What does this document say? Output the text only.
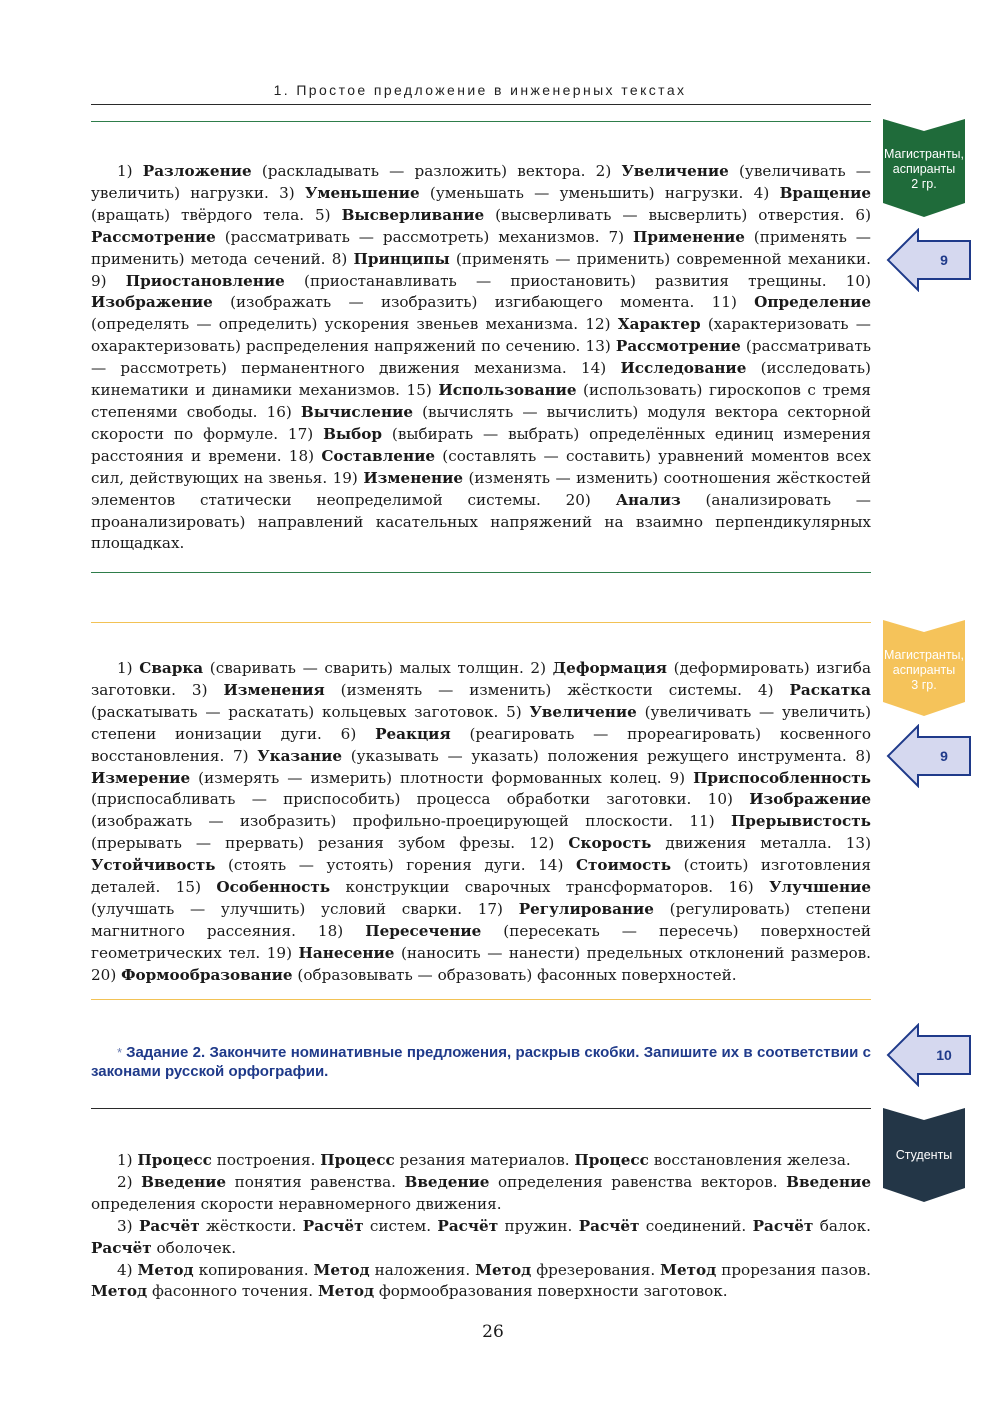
1. Простое предложение в инженерных текстах

1) Разложение (раскладывать — разложить) вектора. 2) Увеличение (увеличивать — увеличить) нагрузки. 3) Уменьшение (уменьшать — уменьшить) нагрузки. 4) Вращение (вращать) твёрдого тела. 5) Высверливание (высверливать — высверлить) отверстия. 6) Рассмотрение (рассматривать — рассмотреть) механизмов. 7) Применение (применять — применить) метода сечений. 8) Принципы (применять — применить) современной механики. 9) Приостановление (приостанавливать — приостановить) развития трещины. 10) Изображение (изображать — изобразить) изгибающего момента. 11) Определение (определять — определить) ускорения звеньев механизма. 12) Характер (характеризовать — охарактеризовать) распределения напряжений по сечению. 13) Рассмотрение (рассматривать — рассмотреть) перманентного движения механизма. 14) Исследование (исследовать) кинематики и динамики механизмов. 15) Использование (использовать) гироскопов с тремя степенями свободы. 16) Вычисление (вычислять — вычислить) модуля вектора секторной скорости по формуле. 17) Выбор (выбирать — выбрать) определённых единиц измерения расстояния и времени. 18) Составление (составлять — составить) уравнений моментов всех сил, действующих на звенья. 19) Изменение (изменять — изменить) соотношения жёсткостей элементов статически неопределимой системы. 20) Анализ (анализировать — проанализировать) направлений касательных напряжений на взаимно перпендикулярных площадках.

Магистранты,
аспиранты
2 гр.
9

1) Сварка (сваривать — сварить) малых толщин. 2) Деформация (деформировать) изгиба заготовки. 3) Изменения (изменять — изменить) жёсткости системы. 4) Раскатка (раскатывать — раскатать) кольцевых заготовок. 5) Увеличение (увеличивать — увеличить) степени ионизации дуги. 6) Реакция (реагировать — прореагировать) косвенного восстановления. 7) Указание (указывать — указать) положения режущего инструмента. 8) Измерение (измерять — измерить) плотности формованных колец. 9) Приспособленность (приспосабливать — приспособить) процесса обработки заготовки. 10) Изображение (изображать — изобразить) профильно-проецирующей плоскости. 11) Прерывистость (прерывать — прервать) резания зубом фрезы. 12) Скорость движения металла. 13) Устойчивость (стоять — устоять) горения дуги. 14) Стоимость (стоить) изготовления деталей. 15) Особенность конструкции сварочных трансформаторов. 16) Улучшение (улучшать — улучшить) условий сварки. 17) Регулирование (регулировать) степени магнитного рассеяния. 18) Пересечение (пересекать — пересечь) поверхностей геометрических тел. 19) Нанесение (наносить — нанести) предельных отклонений размеров. 20) Формообразование (образовывать — образовать) фасонных поверхностей.

Магистранты,
аспиранты
3 гр.
9
* Задание 2. Закончите номинативные предложения, раскрыв скобки. Запишите их в соответствии с законами русской орфографии.
10

1) Процесс построения. Процесс резания материалов. Процесс восстановления железа.

2) Введение понятия равенства. Введение определения равенства векторов. Введение определения скорости неравномерного движения.

3) Расчёт жёсткости. Расчёт систем. Расчёт пружин. Расчёт соединений. Расчёт балок. Расчёт оболочек.

4) Метод копирования. Метод наложения. Метод фрезерования. Метод прорезания пазов. Метод фасонного точения. Метод формообразования поверхности заготовок.

Студенты
26
